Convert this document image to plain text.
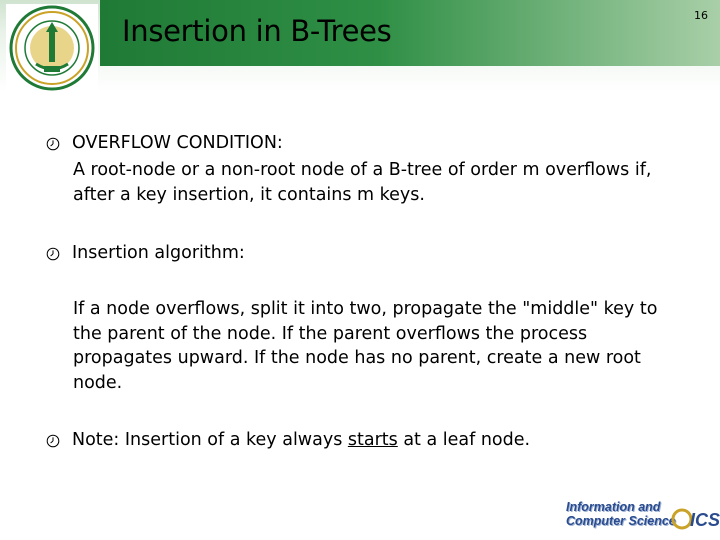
Insertion in B-Trees	16
OVERFLOW CONDITION:
A root-node or a non-root node of a B-tree of order m overflows if,
after a key insertion, it contains m keys.
Insertion algorithm:
If a node overflows, split it into two, propagate the "middle" key to
the parent of the node. If the parent overflows the process
propagates upward. If the node has no parent, create a new root
node.
Note: Insertion of a key always starts at a leaf node.
Information and
Computer Science ICS
